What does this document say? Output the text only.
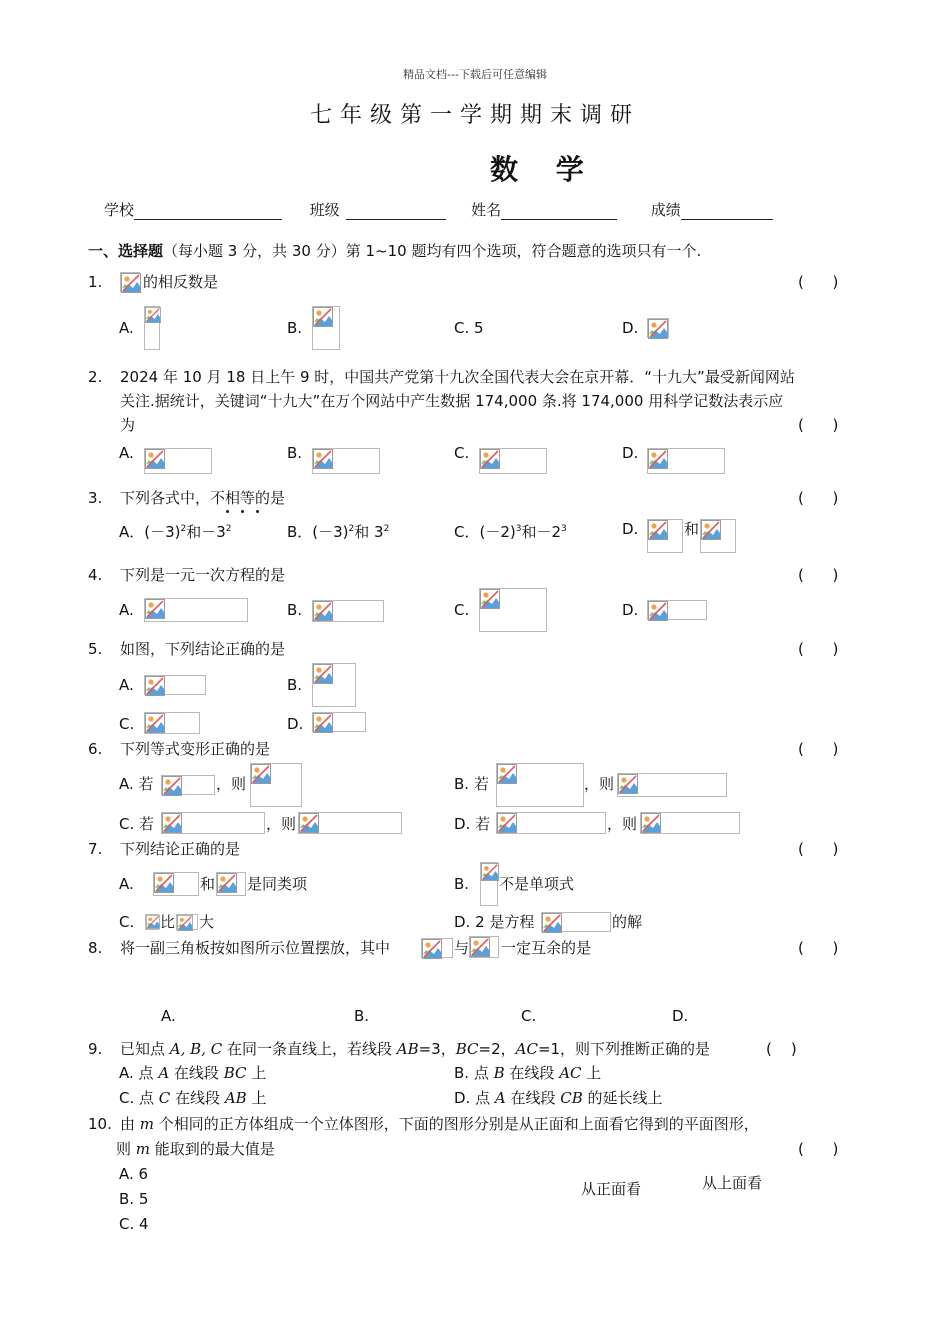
精品文档---下载后可任意编辑
七年级第一学期期末调研
数 学
学校	班级	姓名	成绩
一、选择题（每小题 3 分，共 30 分）第 1~10 题均有四个选项，符合题意的选项只有一个.
1.	的相反数是	(      )
A.	B.	C. 5	D.
2. 2024 年 10 月 18 日上午 9 时，中国共产党第十九次全国代表大会在京开幕．“十九大”最受新闻网站
关注.据统计，关键词“十九大”在万个网站中产生数据 174,000 条.将 174,000 用科学记数法表示应
为	(      )
A.	B.	C.	D.
3. 下列各式中，不相等的是	(      )
A．$(-3)^2$和$-3^2$	B．$(-3)^2$和 $3^2$	C．$(-2)^3$和$-2^3$	D.	和
4. 下列是一元一次方程的是	(      )
A.	B.	C.	D.
5. 如图，下列结论正确的是	(      )
A.	B.
C.	D.
6. 下列等式变形正确的是	(      )
A. 若	，则	B. 若	，则
C. 若	，则	D. 若	，则
7. 下列结论正确的是	(      )
A.	和 是同类项	B. 不是单项式
C. 比 大	D. 2 是方程	的解
8. 将一副三角板按如图所示位置摆放，其中	与 一定互余的是	(      )
A.	B.	C.	D.
9. 已知点 A, B, C 在同一条直线上，若线段 AB=3，BC=2，AC=1，则下列推断正确的是	(    )
A. 点 A 在线段 BC 上	B. 点 B 在线段 AC 上
C. 点 C 在线段 AB 上	D. 点 A 在线段 CB 的延长线上
10. 由 m 个相同的正方体组成一个立体图形，下面的图形分别是从正面和上面看它得到的平面图形，
则 m 能取到的最大值是	(      )
A. 6
B. 5
C. 4
从正面看	从上面看
